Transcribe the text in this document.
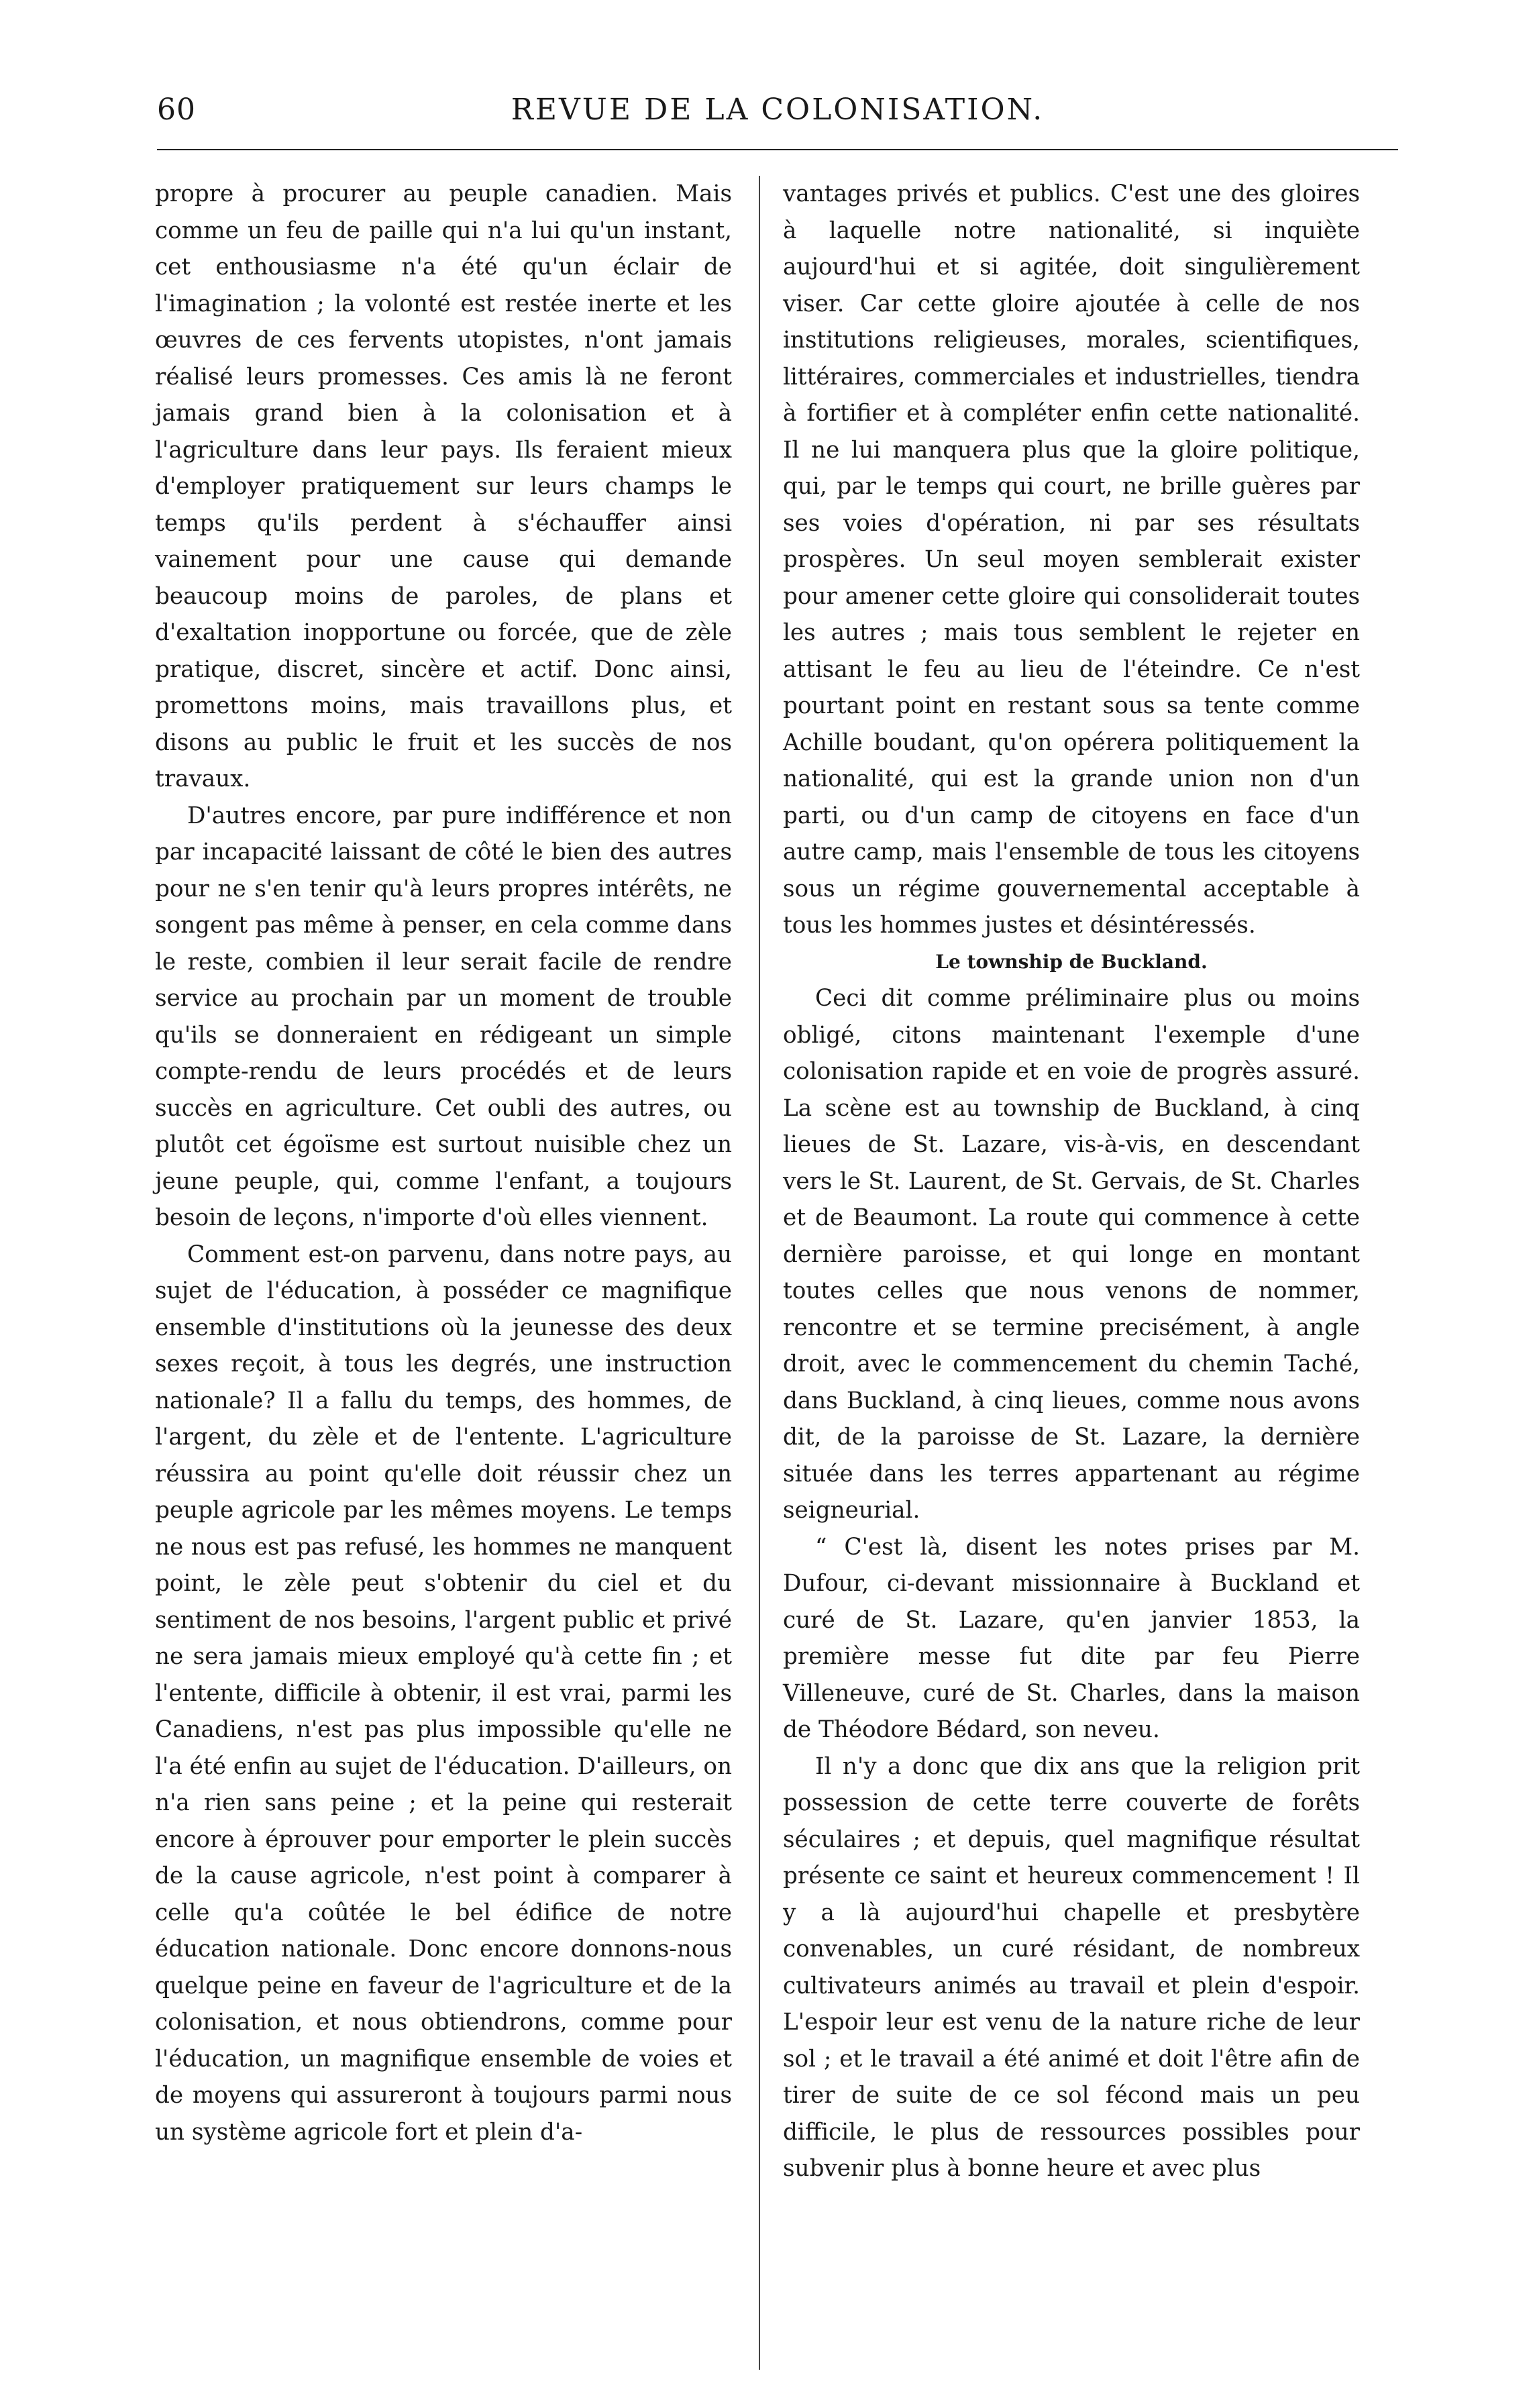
60	REVUE DE LA COLONISATION.

propre à procurer au peuple canadien. Mais comme un feu de paille qui n'a lui qu'un instant, cet enthousiasme n'a été qu'un éclair de l'imagination ; la volonté est restée inerte et les œuvres de ces fervents utopistes, n'ont jamais réalisé leurs promesses. Ces amis là ne feront jamais grand bien à la colonisation et à l'agriculture dans leur pays. Ils feraient mieux d'employer pratiquement sur leurs champs le temps qu'ils perdent à s'échauffer ainsi vainement pour une cause qui demande beaucoup moins de paroles, de plans et d'exaltation inopportune ou forcée, que de zèle pratique, discret, sincère et actif. Donc ainsi, promettons moins, mais travaillons plus, et disons au public le fruit et les succès de nos travaux.

D'autres encore, par pure indifférence et non par incapacité laissant de côté le bien des autres pour ne s'en tenir qu'à leurs propres intérêts, ne songent pas même à penser, en cela comme dans le reste, combien il leur serait facile de rendre service au prochain par un moment de trouble qu'ils se donneraient en rédigeant un simple compte-rendu de leurs procédés et de leurs succès en agriculture. Cet oubli des autres, ou plutôt cet égoïsme est surtout nuisible chez un jeune peuple, qui, comme l'enfant, a toujours besoin de leçons, n'importe d'où elles viennent.

Comment est-on parvenu, dans notre pays, au sujet de l'éducation, à posséder ce magnifique ensemble d'institutions où la jeunesse des deux sexes reçoit, à tous les degrés, une instruction nationale? Il a fallu du temps, des hommes, de l'argent, du zèle et de l'entente. L'agriculture réussira au point qu'elle doit réussir chez un peuple agricole par les mêmes moyens. Le temps ne nous est pas refusé, les hommes ne manquent point, le zèle peut s'obtenir du ciel et du sentiment de nos besoins, l'argent public et privé ne sera jamais mieux employé qu'à cette fin ; et l'entente, difficile à obtenir, il est vrai, parmi les Canadiens, n'est pas plus impossible qu'elle ne l'a été enfin au sujet de l'éducation. D'ailleurs, on n'a rien sans peine ; et la peine qui resterait encore à éprouver pour emporter le plein succès de la cause agricole, n'est point à comparer à celle qu'a coûtée le bel édifice de notre éducation nationale. Donc encore donnons-nous quelque peine en faveur de l'agriculture et de la colonisation, et nous obtiendrons, comme pour l'éducation, un magnifique ensemble de voies et de moyens qui assureront à toujours parmi nous un système agricole fort et plein d'a-

vantages privés et publics. C'est une des gloires à laquelle notre nationalité, si inquiète aujourd'hui et si agitée, doit singulièrement viser. Car cette gloire ajoutée à celle de nos institutions religieuses, morales, scientifiques, littéraires, commerciales et industrielles, tiendra à fortifier et à compléter enfin cette nationalité. Il ne lui manquera plus que la gloire politique, qui, par le temps qui court, ne brille guères par ses voies d'opération, ni par ses résultats prospères. Un seul moyen semblerait exister pour amener cette gloire qui consoliderait toutes les autres ; mais tous semblent le rejeter en attisant le feu au lieu de l'éteindre. Ce n'est pourtant point en restant sous sa tente comme Achille boudant, qu'on opérera politiquement la nationalité, qui est la grande union non d'un parti, ou d'un camp de citoyens en face d'un autre camp, mais l'ensemble de tous les citoyens sous un régime gouvernemental acceptable à tous les hommes justes et désintéressés.

Le township de Buckland.

Ceci dit comme préliminaire plus ou moins obligé, citons maintenant l'exemple d'une colonisation rapide et en voie de progrès assuré. La scène est au township de Buckland, à cinq lieues de St. Lazare, vis-à-vis, en descendant vers le St. Laurent, de St. Gervais, de St. Charles et de Beaumont. La route qui commence à cette dernière paroisse, et qui longe en montant toutes celles que nous venons de nommer, rencontre et se termine precisément, à angle droit, avec le commencement du chemin Taché, dans Buckland, à cinq lieues, comme nous avons dit, de la paroisse de St. Lazare, la dernière située dans les terres appartenant au régime seigneurial.

“ C'est là, disent les notes prises par M. Dufour, ci-devant missionnaire à Buckland et curé de St. Lazare, qu'en janvier 1853, la première messe fut dite par feu Pierre Villeneuve, curé de St. Charles, dans la maison de Théodore Bédard, son neveu.

Il n'y a donc que dix ans que la religion prit possession de cette terre couverte de forêts séculaires ; et depuis, quel magnifique résultat présente ce saint et heureux commencement ! Il y a là aujourd'hui chapelle et presbytère convenables, un curé résidant, de nombreux cultivateurs animés au travail et plein d'espoir. L'espoir leur est venu de la nature riche de leur sol ; et le travail a été animé et doit l'être afin de tirer de suite de ce sol fécond mais un peu difficile, le plus de ressources possibles pour subvenir plus à bonne heure et avec plus
